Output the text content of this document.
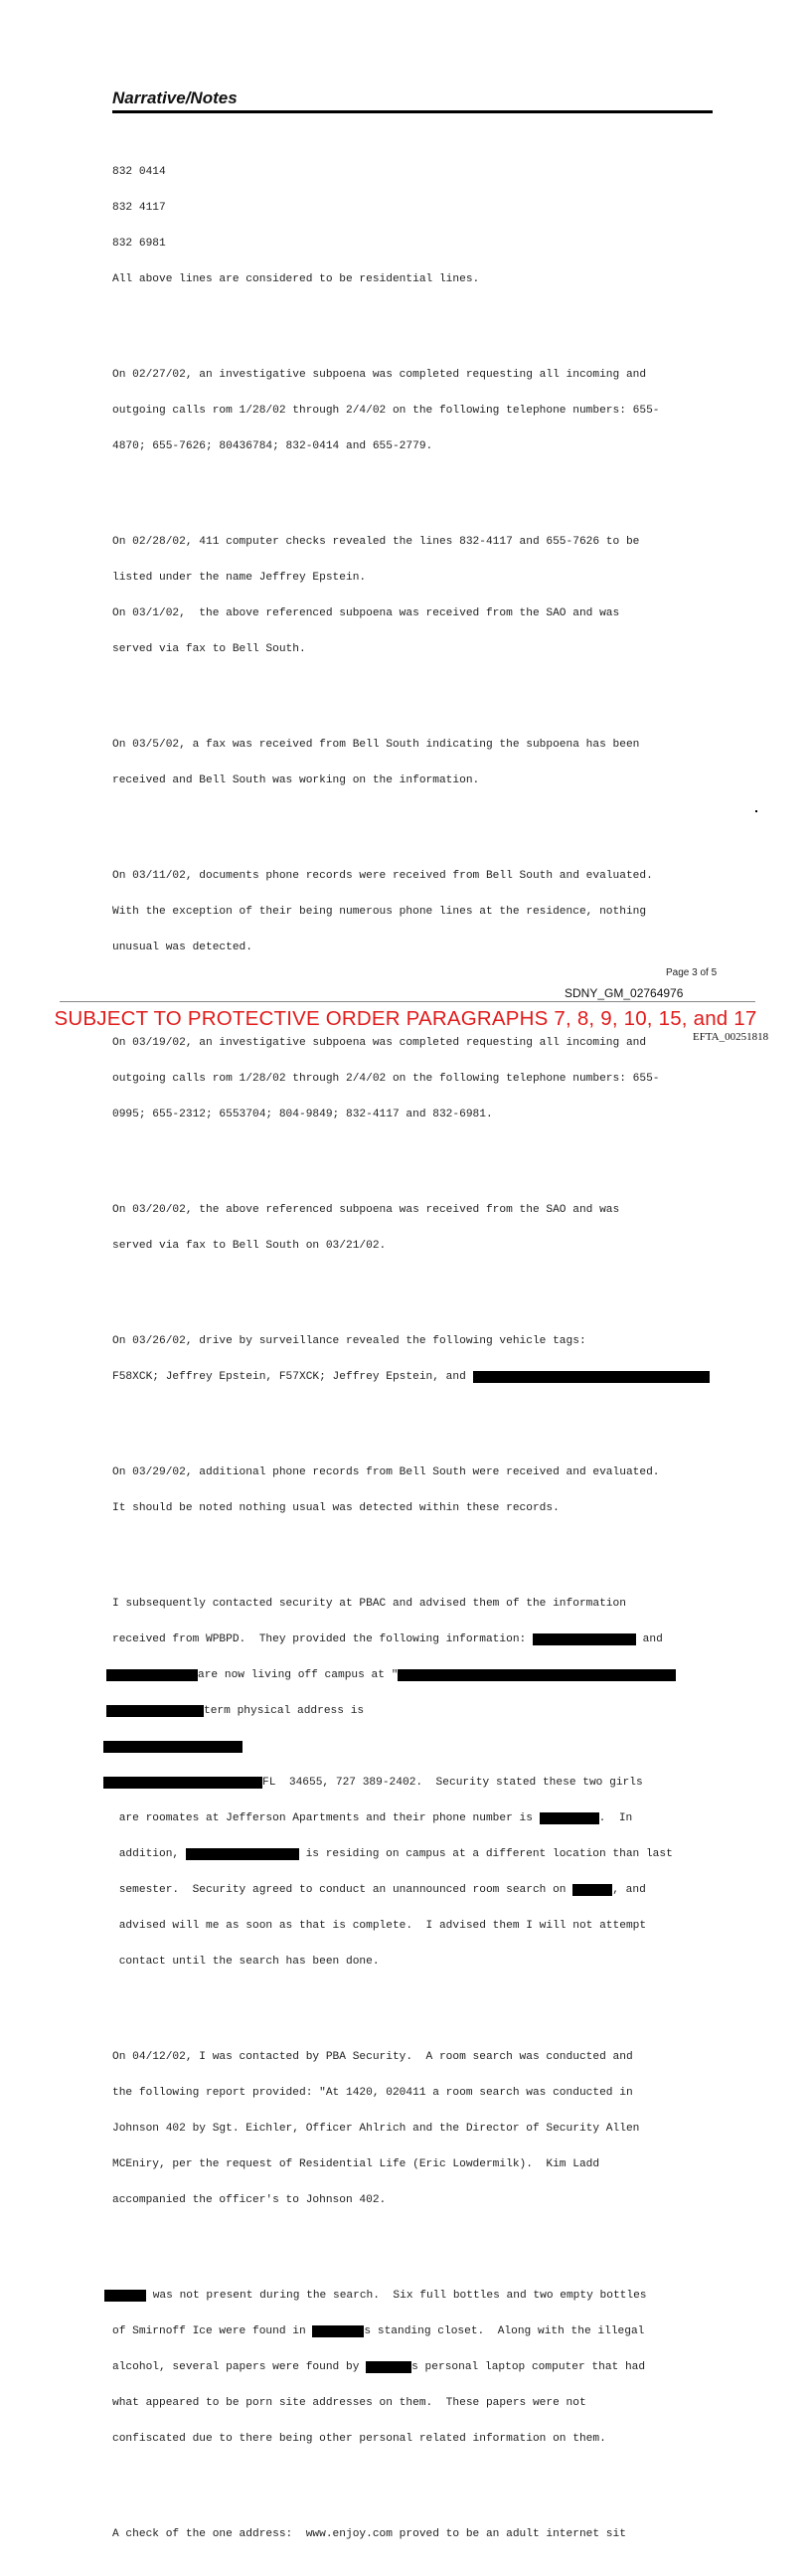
Narrative/Notes

832 0414

832 4117

832 6981

All above lines are considered to be residential lines.

On 02/27/02, an investigative subpoena was completed requesting all incoming and

outgoing calls rom 1/28/02 through 2/4/02 on the following telephone numbers: 655-

4870; 655-7626; 80436784; 832-0414 and 655-2779.

On 02/28/02, 411 computer checks revealed the lines 832-4117 and 655-7626 to be

listed under the name Jeffrey Epstein.

On 03/1/02,  the above referenced subpoena was received from the SAO and was

served via fax to Bell South.

On 03/5/02, a fax was received from Bell South indicating the subpoena has been

received and Bell South was working on the information.

On 03/11/02, documents phone records were received from Bell South and evaluated.

With the exception of their being numerous phone lines at the residence, nothing

unusual was detected.

On 03/19/02, an investigative subpoena was completed requesting all incoming and

outgoing calls rom 1/28/02 through 2/4/02 on the following telephone numbers: 655-

0995; 655-2312; 6553704; 804-9849; 832-4117 and 832-6981.

On 03/20/02, the above referenced subpoena was received from the SAO and was

served via fax to Bell South on 03/21/02.

On 03/26/02, drive by surveillance revealed the following vehicle tags:

F58XCK; Jeffrey Epstein, F57XCK; Jeffrey Epstein, and

On 03/29/02, additional phone records from Bell South were received and evaluated.

It should be noted nothing usual was detected within these records.

I subsequently contacted security at PBAC and advised them of the information

received from WPBPD.  They provided the following information:	and

are now living off campus at "

term physical address is

FL  34655, 727 389-2402.  Security stated these two girls

are roomates at Jefferson Apartments and their phone number is	.  In

addition,	is residing on campus at a different location than last

semester.  Security agreed to conduct an unannounced room search on	, and

advised will me as soon as that is complete.  I advised them I will not attempt

contact until the search has been done.

On 04/12/02, I was contacted by PBA Security.  A room search was conducted and

the following report provided: "At 1420, 020411 a room search was conducted in

Johnson 402 by Sgt. Eichler, Officer Ahlrich and the Director of Security Allen

MCEniry, per the request of Residential Life (Eric Lowdermilk).  Kim Ladd

accompanied the officer's to Johnson 402.

was not present during the search.  Six full bottles and two empty bottles

of Smirnoff Ice were found in	s standing closet.  Along with the illegal

alcohol, several papers were found by	s personal laptop computer that had

what appeared to be porn site addresses on them.  These papers were not

confiscated due to there being other personal related information on them.

A check of the one address:  www.enjoy.com proved to be an adult internet sit

Page 3 of 5
SDNY_GM_02764976
SUBJECT TO PROTECTIVE ORDER PARAGRAPHS 7, 8, 9, 10, 15, and 17
EFTA_00251818
